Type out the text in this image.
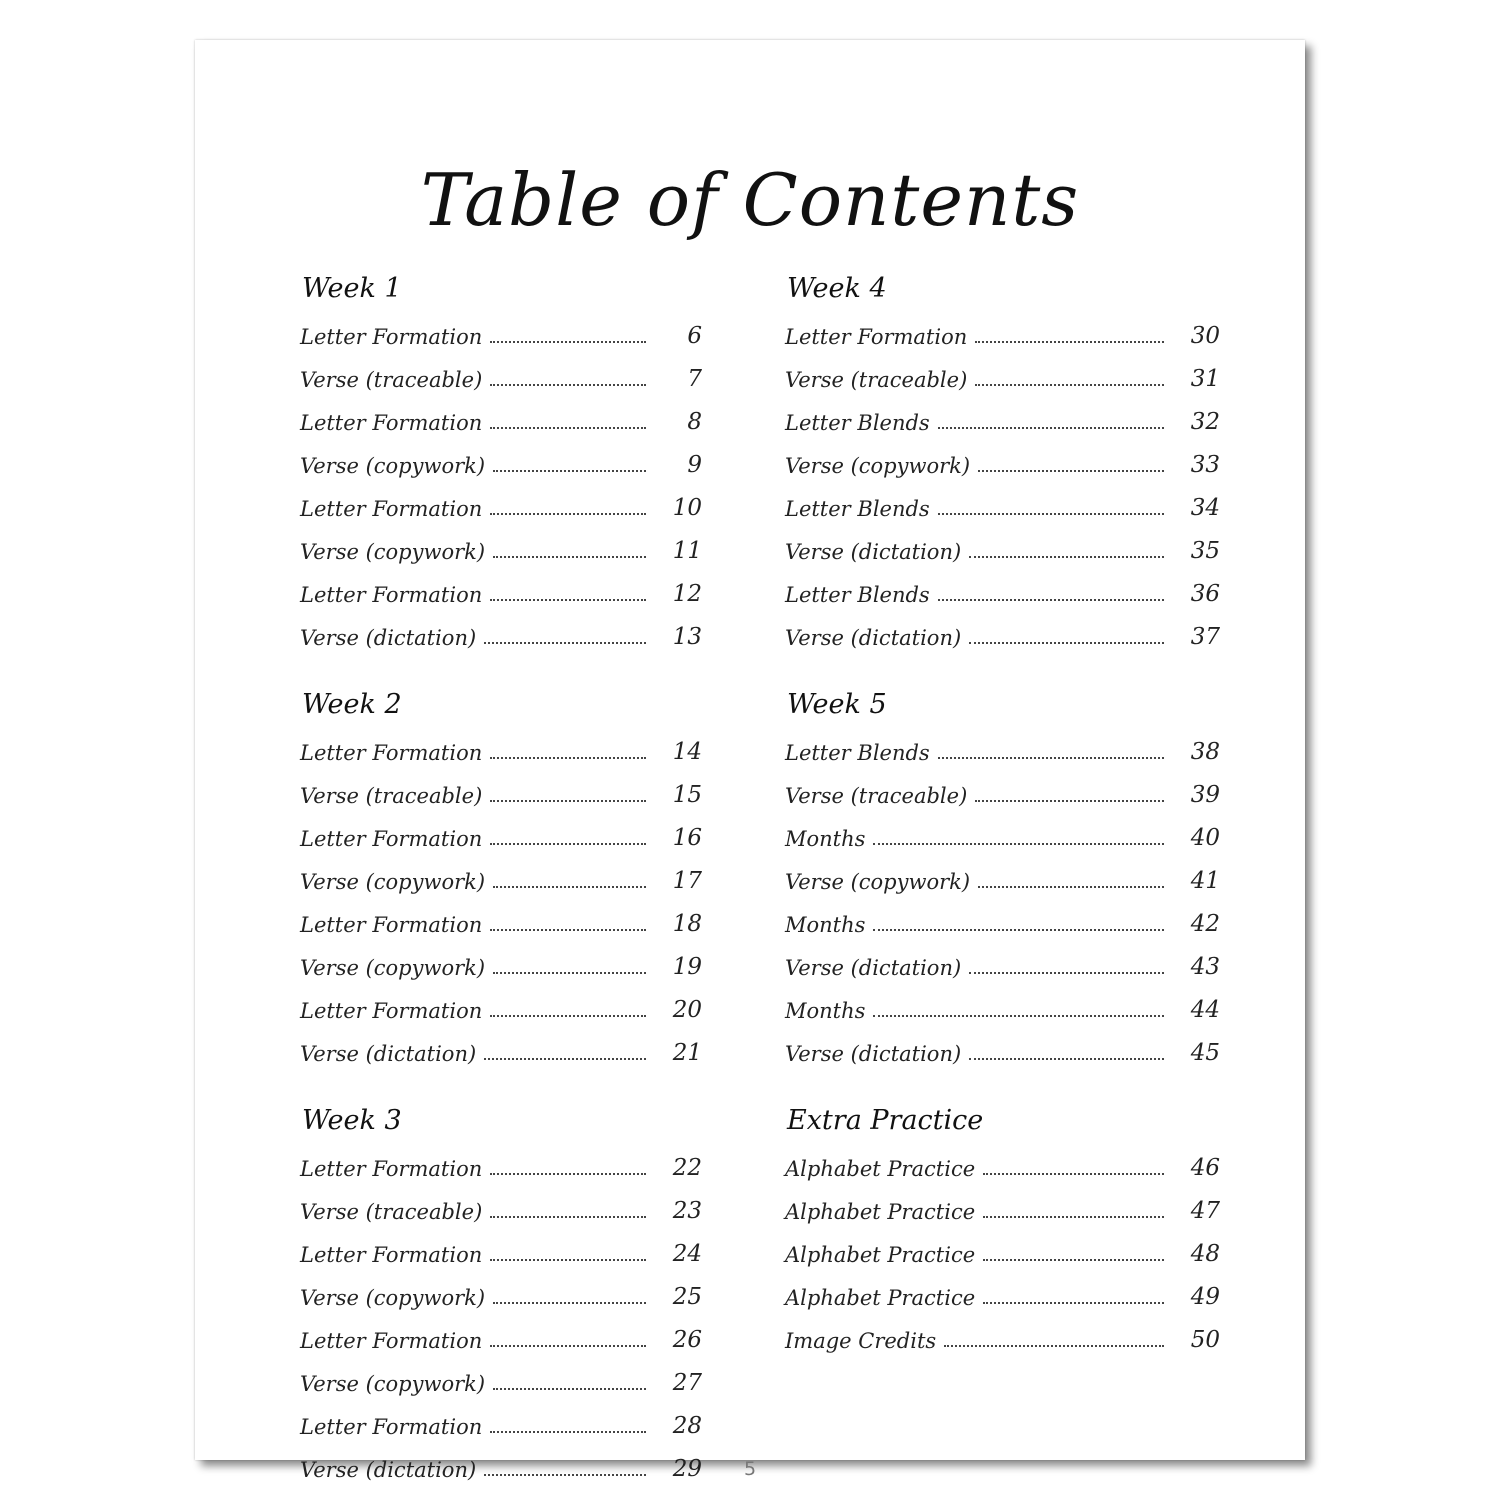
Table of Contents
Week 1
Letter Formation	6
Verse (traceable)	7
Letter Formation	8
Verse (copywork)	9
Letter Formation	10
Verse (copywork)	11
Letter Formation	12
Verse (dictation)	13
Week 2
Letter Formation	14
Verse (traceable)	15
Letter Formation	16
Verse (copywork)	17
Letter Formation	18
Verse (copywork)	19
Letter Formation	20
Verse (dictation)	21
Week 3
Letter Formation	22
Verse (traceable)	23
Letter Formation	24
Verse (copywork)	25
Letter Formation	26
Verse (copywork)	27
Letter Formation	28
Verse (dictation)	29
Week 4
Letter Formation	30
Verse (traceable)	31
Letter Blends	32
Verse (copywork)	33
Letter Blends	34
Verse (dictation)	35
Letter Blends	36
Verse (dictation)	37
Week 5
Letter Blends	38
Verse (traceable)	39
Months	40
Verse (copywork)	41
Months	42
Verse (dictation)	43
Months	44
Verse (dictation)	45
Extra Practice
Alphabet Practice	46
Alphabet Practice	47
Alphabet Practice	48
Alphabet Practice	49
Image Credits	50
5
